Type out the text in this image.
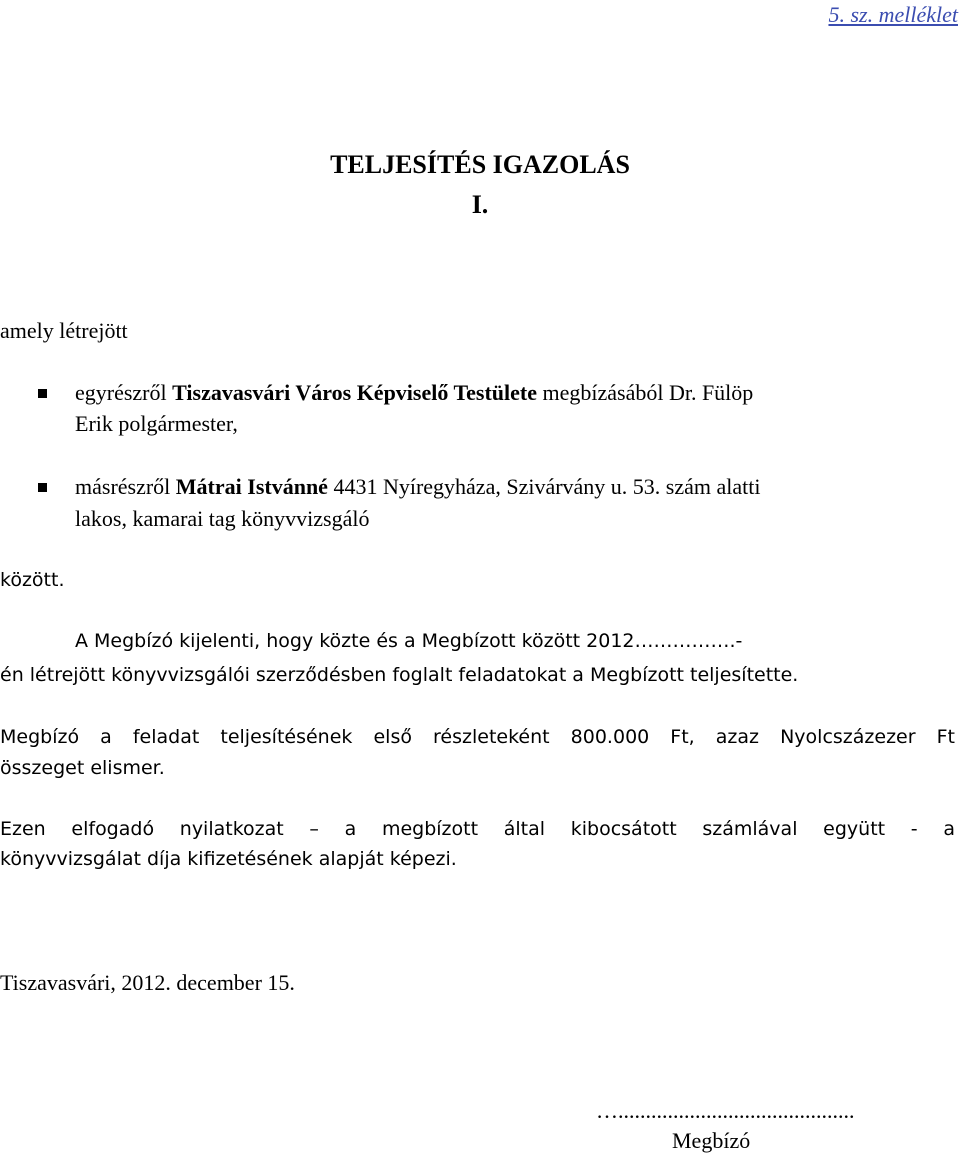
5. sz. melléklet
TELJESÍTÉS IGAZOLÁS
I.
amely létrejött
egyrészről Tiszavasvári Város Képviselő Testülete megbízásából Dr. Fülöp
Erik polgármester,
másrészről Mátrai Istvánné 4431 Nyíregyháza, Szivárvány u. 53. szám alatti
lakos, kamarai tag könyvvizsgáló
között.
A Megbízó kijelenti, hogy közte és a Megbízott között 2012…………….-
én létrejött könyvvizsgálói szerződésben foglalt feladatokat a Megbízott teljesítette.
Megbízó a feladat teljesítésének első részleteként 800.000 Ft, azaz Nyolcszázezer Ft
összeget elismer.
Ezen elfogadó nyilatkozat – a megbízott által kibocsátott számlával együtt - a
könyvvizsgálat díja kifizetésének alapját képezi.
Tiszavasvári, 2012. december 15.
…...........................................
Megbízó
